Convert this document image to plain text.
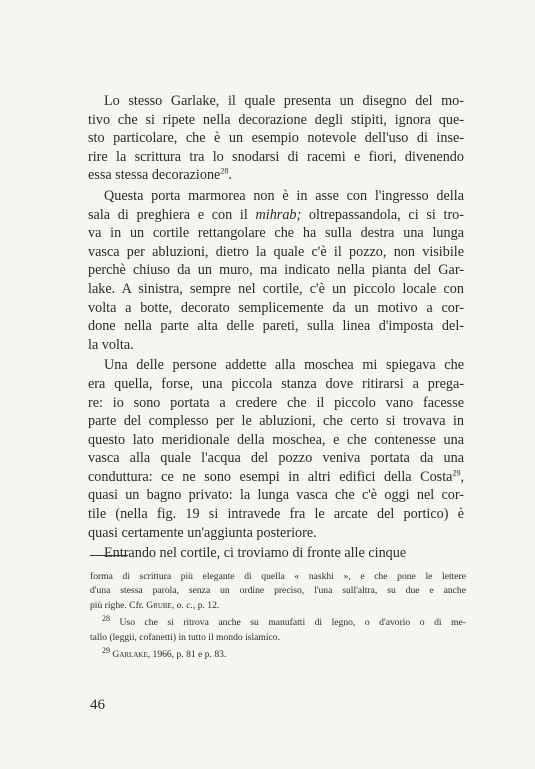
Lo stesso Garlake, il quale presenta un disegno del mo-
tivo che si ripete nella decorazione degli stipiti, ignora que-
sto particolare, che è un esempio notevole dell'uso di inse-
rire la scrittura tra lo snodarsi di racemi e fiori, divenendo
essa stessa decorazione$^{28}$.

Questa porta marmorea non è in asse con l'ingresso della
sala di preghiera e con il mihrab; oltrepassandola, ci si tro-
va in un cortile rettangolare che ha sulla destra una lunga
vasca per abluzioni, dietro la quale c'è il pozzo, non visibile
perchè chiuso da un muro, ma indicato nella pianta del Gar-
lake. A sinistra, sempre nel cortile, c'è un piccolo locale con
volta a botte, decorato semplicemente da un motivo a cor-
done nella parte alta delle pareti, sulla linea d'imposta del-
la volta.

Una delle persone addette alla moschea mi spiegava che
era quella, forse, una piccola stanza dove ritirarsi a prega-
re: io sono portata a credere che il piccolo vano facesse
parte del complesso per le abluzioni, che certo si trovava in
questo lato meridionale della moschea, e che contenesse una
vasca alla quale l'acqua del pozzo veniva portata da una
conduttura: ce ne sono esempi in altri edifici della Costa$^{29}$,
quasi un bagno privato: la lunga vasca che c'è oggi nel cor-
tile (nella fig. 19 si intravede fra le arcate del portico) è
quasi certamente un'aggiunta posteriore.

Entrando nel cortile, ci troviamo di fronte alle cinque

forma di scrittura più elegante di quella « naskhi », e che pone le lettere
d'una stessa parola, senza un ordine preciso, l'una sull'altra, su due e anche
più righe. Cfr. Grube, o. c., p. 12.

$^{28}$ Uso che si ritrova anche su manufatti di legno, o d'avorio o di me-
tallo (leggii, cofanetti) in tutto il mondo islamico.

$^{29}$ Garlake, 1966, p. 81 e p. 83.

46
